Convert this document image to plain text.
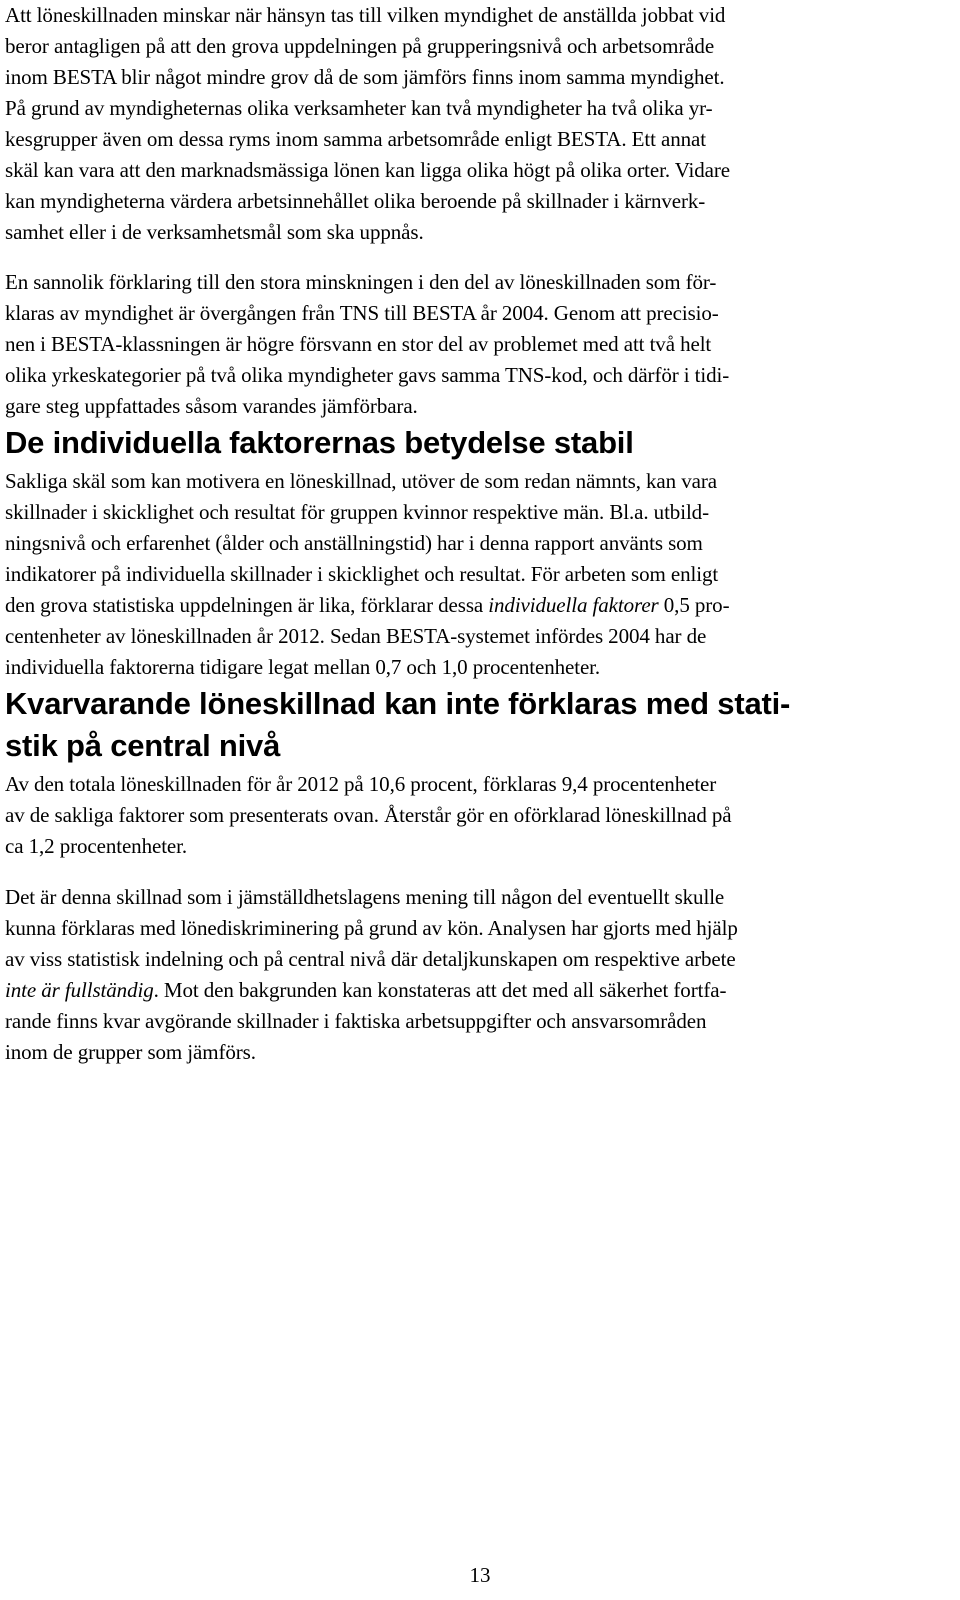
Att löneskillnaden minskar när hänsyn tas till vilken myndighet de anställda jobbat vid
beror antagligen på att den grova uppdelningen på grupperingsnivå och arbetsområde
inom BESTA blir något mindre grov då de som jämförs finns inom samma myndighet.
På grund av myndigheternas olika verksamheter kan två myndigheter ha två olika yr-
kesgrupper även om dessa ryms inom samma arbetsområde enligt BESTA. Ett annat
skäl kan vara att den marknadsmässiga lönen kan ligga olika högt på olika orter. Vidare
kan myndigheterna värdera arbetsinnehållet olika beroende på skillnader i kärnverk-
samhet eller i de verksamhetsmål som ska uppnås.

En sannolik förklaring till den stora minskningen i den del av löneskillnaden som för-
klaras av myndighet är övergången från TNS till BESTA år 2004. Genom att precisio-
nen i BESTA-klassningen är högre försvann en stor del av problemet med att två helt
olika yrkeskategorier på två olika myndigheter gavs samma TNS-kod, och därför i tidi-
gare steg uppfattades såsom varandes jämförbara.

De individuella faktorernas betydelse stabil

Sakliga skäl som kan motivera en löneskillnad, utöver de som redan nämnts, kan vara
skillnader i skicklighet och resultat för gruppen kvinnor respektive män. Bl.a. utbild-
ningsnivå och erfarenhet (ålder och anställningstid) har i denna rapport använts som
indikatorer på individuella skillnader i skicklighet och resultat. För arbeten som enligt
den grova statistiska uppdelningen är lika, förklarar dessa individuella faktorer 0,5 pro-
centenheter av löneskillnaden år 2012. Sedan BESTA-systemet infördes 2004 har de
individuella faktorerna tidigare legat mellan 0,7 och 1,0 procentenheter.

Kvarvarande löneskillnad kan inte förklaras med stati-
stik på central nivå

Av den totala löneskillnaden för år 2012 på 10,6 procent, förklaras 9,4 procentenheter
av de sakliga faktorer som presenterats ovan. Återstår gör en oförklarad löneskillnad på
ca 1,2 procentenheter.

Det är denna skillnad som i jämställdhetslagens mening till någon del eventuellt skulle
kunna förklaras med lönediskriminering på grund av kön. Analysen har gjorts med hjälp
av viss statistisk indelning och på central nivå där detaljkunskapen om respektive arbete
inte är fullständig. Mot den bakgrunden kan konstateras att det med all säkerhet fortfa-
rande finns kvar avgörande skillnader i faktiska arbetsuppgifter och ansvarsområden
inom de grupper som jämförs.

13
